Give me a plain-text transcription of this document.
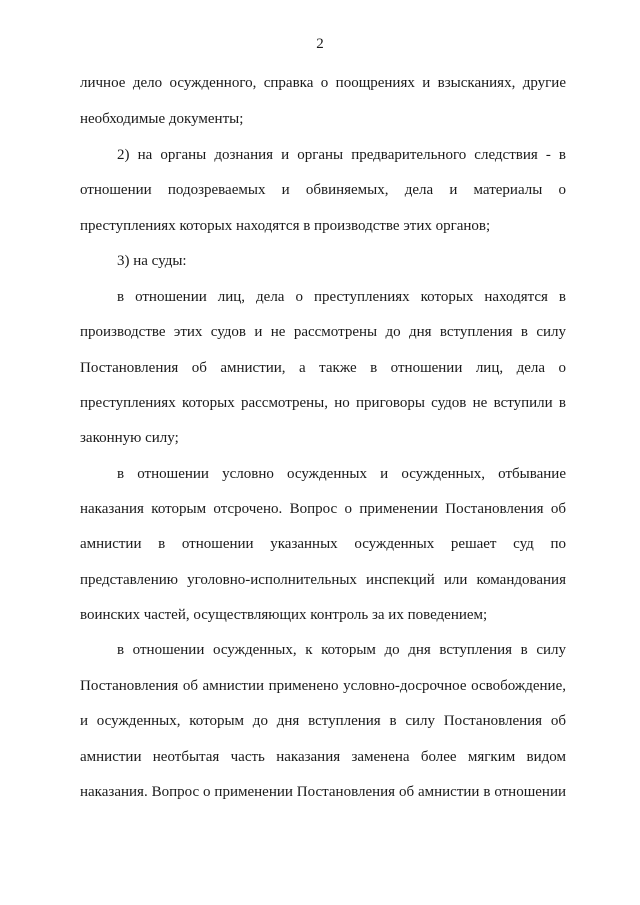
2
личное дело осужденного, справка о поощрениях и взысканиях, другие
необходимые документы;
2) на органы дознания и органы предварительного следствия - в
отношении подозреваемых и обвиняемых, дела и материалы о
преступлениях которых находятся в производстве этих органов;
3) на суды:
в отношении лиц, дела о преступлениях которых находятся в
производстве этих судов и не рассмотрены до дня вступления в силу
Постановления об амнистии, а также в отношении лиц, дела о
преступлениях которых рассмотрены, но приговоры судов не вступили в
законную силу;
в отношении условно осужденных и осужденных, отбывание
наказания которым отсрочено. Вопрос о применении Постановления об
амнистии в отношении указанных осужденных решает суд по
представлению уголовно-исполнительных инспекций или командования
воинских частей, осуществляющих контроль за их поведением;
в отношении осужденных, к которым до дня вступления в силу
Постановления об амнистии применено условно-досрочное освобождение,
и осужденных, которым до дня вступления в силу Постановления об
амнистии неотбытая часть наказания заменена более мягким видом
наказания. Вопрос о применении Постановления об амнистии в отношении
